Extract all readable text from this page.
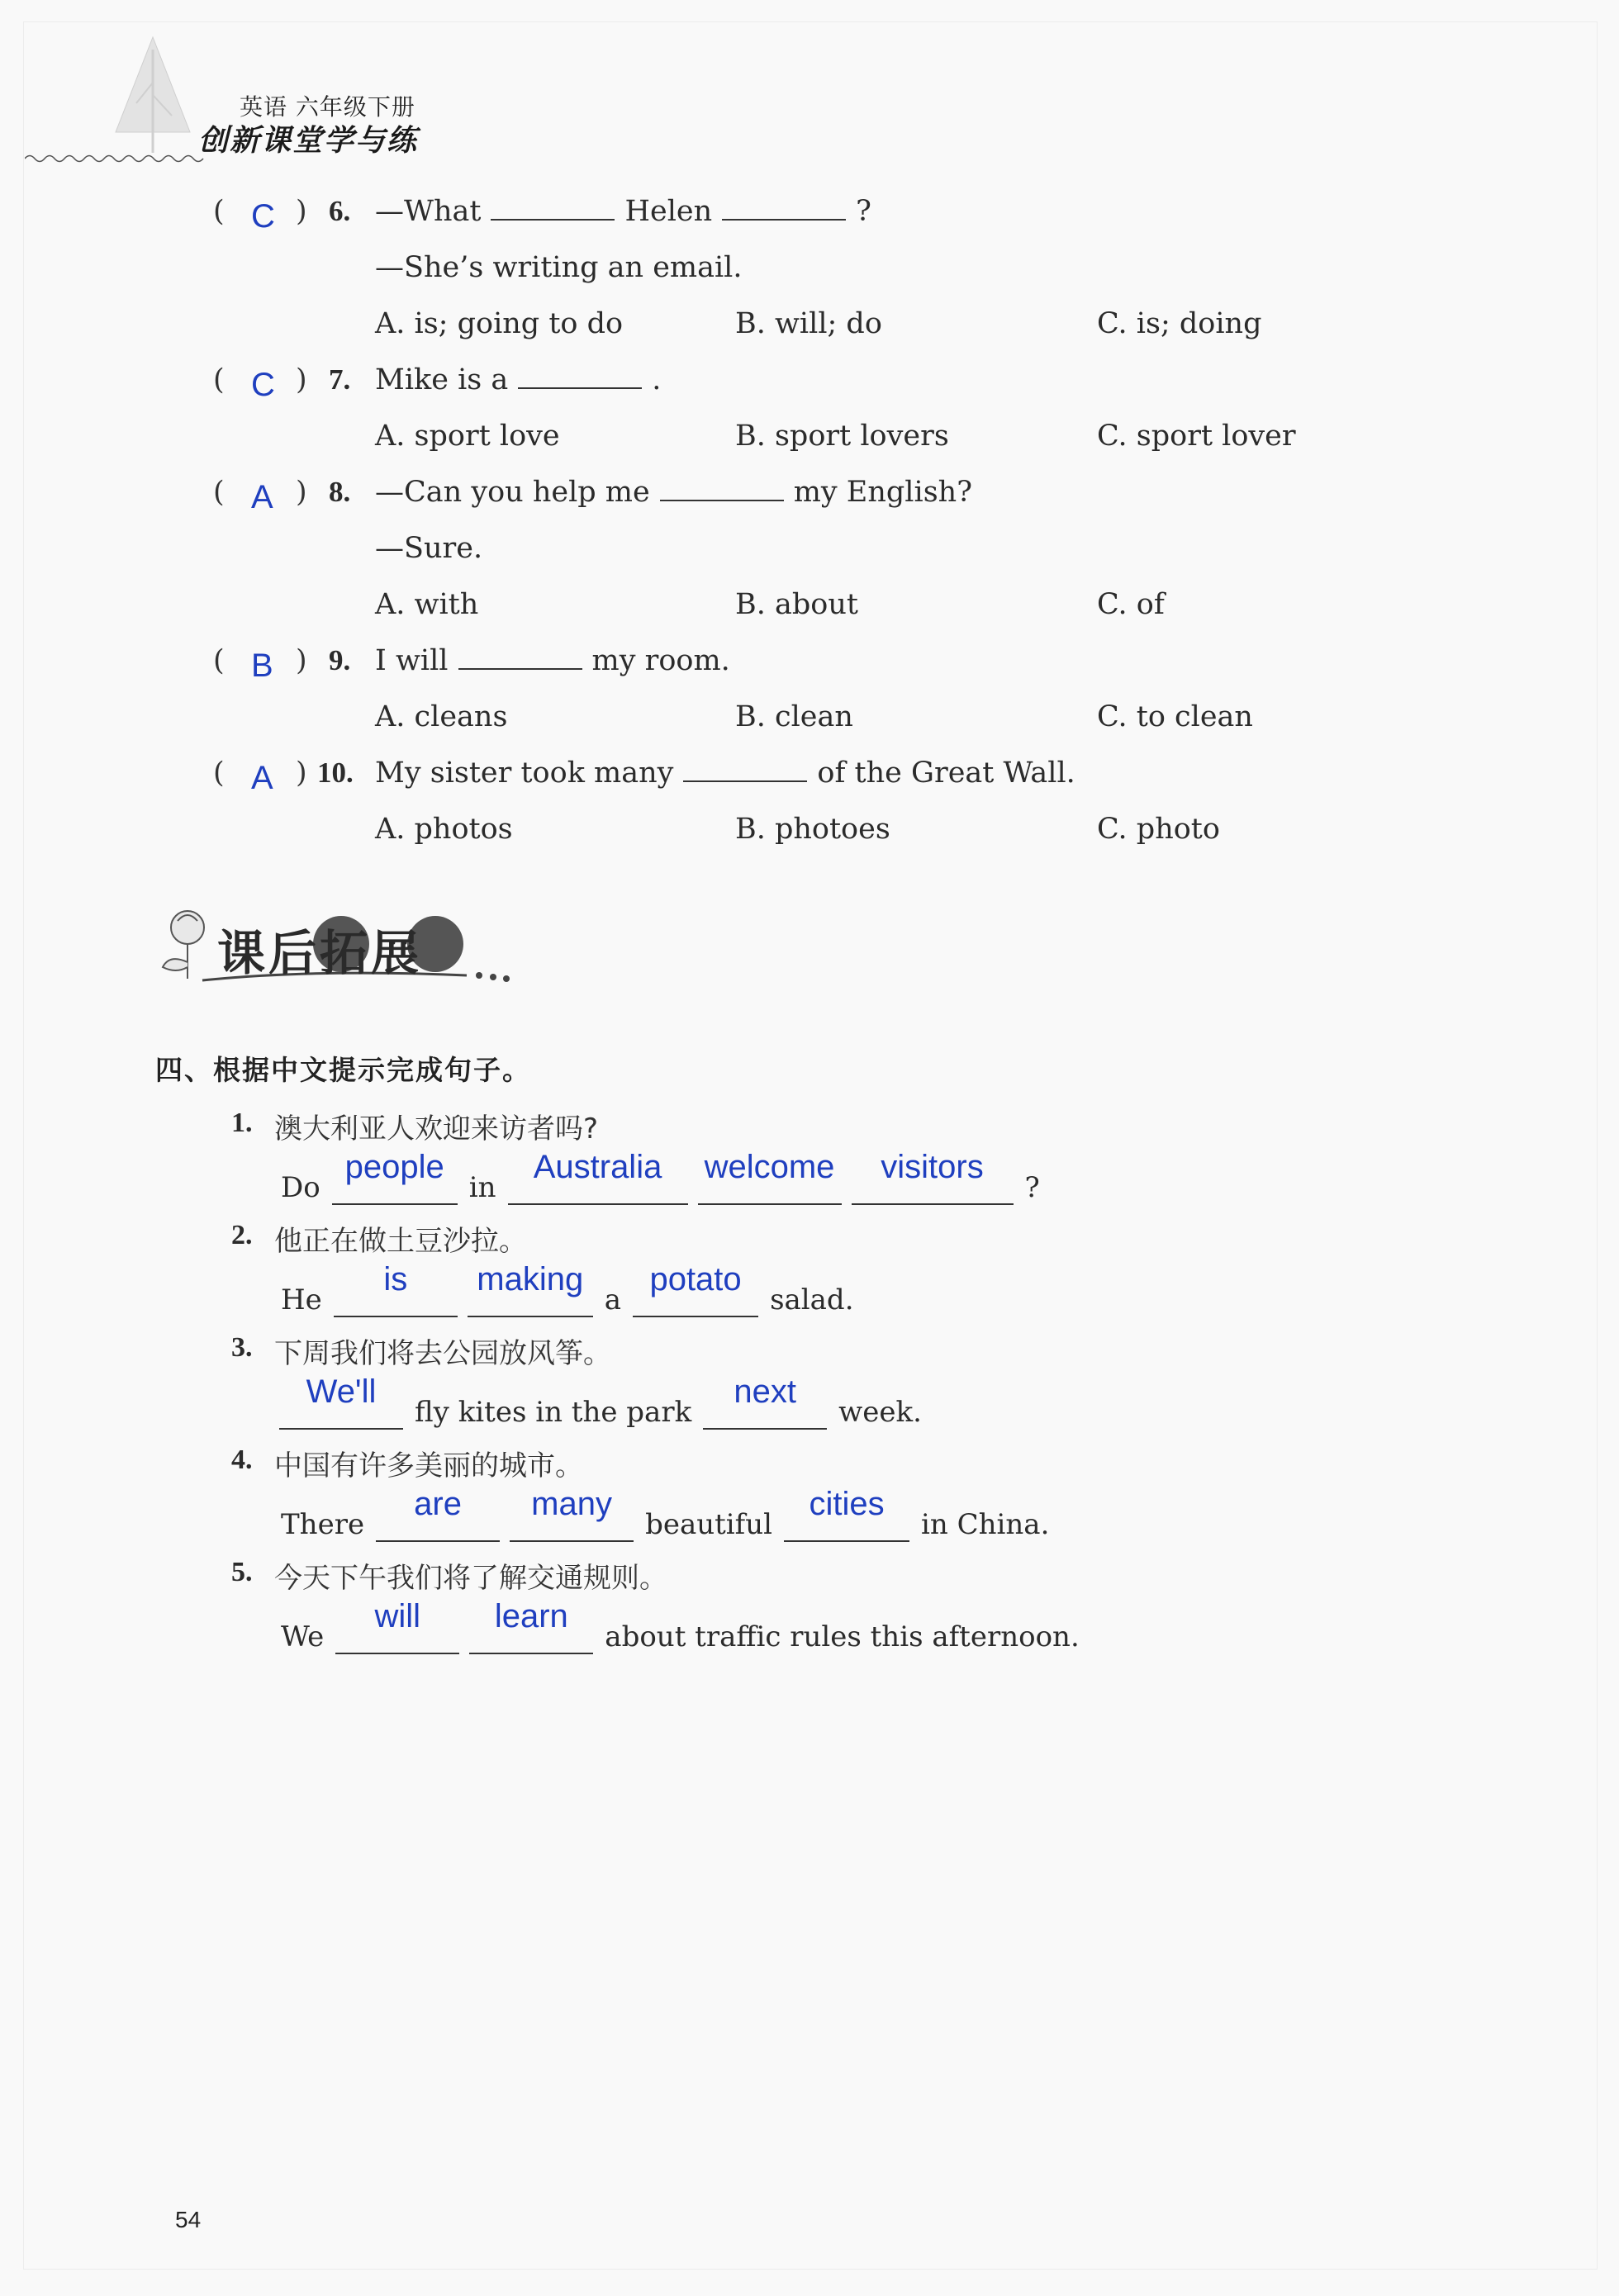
英语 六年级下册
创新课堂学与练
( )
C 6. —What	Helen	?
—She’s writing an email.
A. is; going to do	B. will; do	C. is; doing
( )
C 7. Mike is a	.
A. sport love	B. sport lovers	C. sport lover
( )
A 8. —Can you help me	my English?
—Sure.
A. with	B. about	C. of
( )
B 9. I will	my room.
A. cleans	B. clean	C. to clean
( )
A 10. My sister took many	of the Great Wall.
A. photos	B. photoes	C. photo
课后拓展
四、根据中文提示完成句子。
1. 澳大利亚人欢迎来访者吗?
Do
people
in
Australia	welcome	visitors
?
2. 他正在做土豆沙拉。
He
is	making
a
potato
salad.
3. 下周我们将去公园放风筝。
We'll
fly kites in the park
next
week.
4. 中国有许多美丽的城市。
There
are	many
beautiful
cities
in China.
5. 今天下午我们将了解交通规则。
We
will	learn
about traffic rules this afternoon.
54
